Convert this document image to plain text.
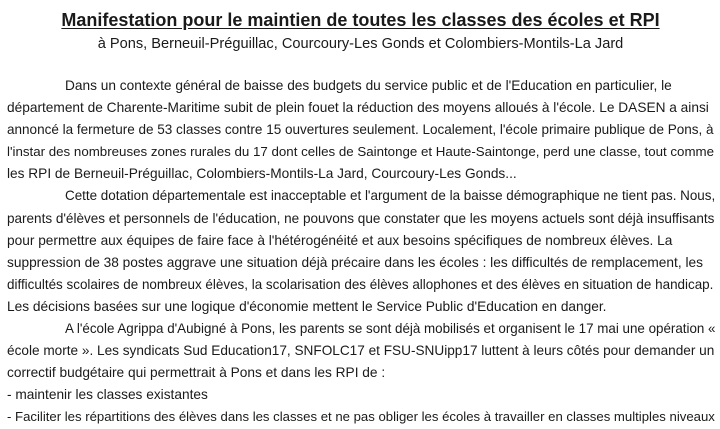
Manifestation pour le maintien de toutes les classes des écoles et RPI
à Pons, Berneuil-Préguillac, Courcoury-Les Gonds et Colombiers-Montils-La Jard
Dans un contexte général de baisse des budgets du service public et de l'Education en particulier, le
département de Charente-Maritime subit de plein fouet la réduction des moyens alloués à l'école. Le DASEN a ainsi
annoncé la fermeture de 53 classes contre 15 ouvertures seulement. Localement, l'école primaire publique de Pons, à
l'instar des nombreuses zones rurales du 17 dont celles de Saintonge et Haute-Saintonge, perd une classe, tout comme
les RPI de Berneuil-Préguillac, Colombiers-Montils-La Jard, Courcoury-Les Gonds...
Cette dotation départementale est inacceptable et l'argument de la baisse démographique ne tient pas. Nous,
parents d'élèves et personnels de l'éducation, ne pouvons que constater que les moyens actuels sont déjà insuffisants
pour permettre aux équipes de faire face à l'hétérogénéité et aux besoins spécifiques de nombreux élèves. La
suppression de 38 postes aggrave une situation déjà précaire dans les écoles : les difficultés de remplacement, les
difficultés scolaires de nombreux élèves, la scolarisation des élèves allophones et des élèves en situation de handicap.
Les décisions basées sur une logique d'économie mettent le Service Public d'Education en danger.
A l'école Agrippa d'Aubigné à Pons, les parents se sont déjà mobilisés et organisent le 17 mai une opération «
école morte ». Les syndicats Sud Education17, SNFOLC17 et FSU-SNUipp17 luttent à leurs côtés pour demander un
correctif budgétaire qui permettrait à Pons et dans les RPI de :
- maintenir les classes existantes
- Faciliter les répartitions des élèves dans les classes et ne pas obliger les écoles à travailler en classes multiples niveaux
